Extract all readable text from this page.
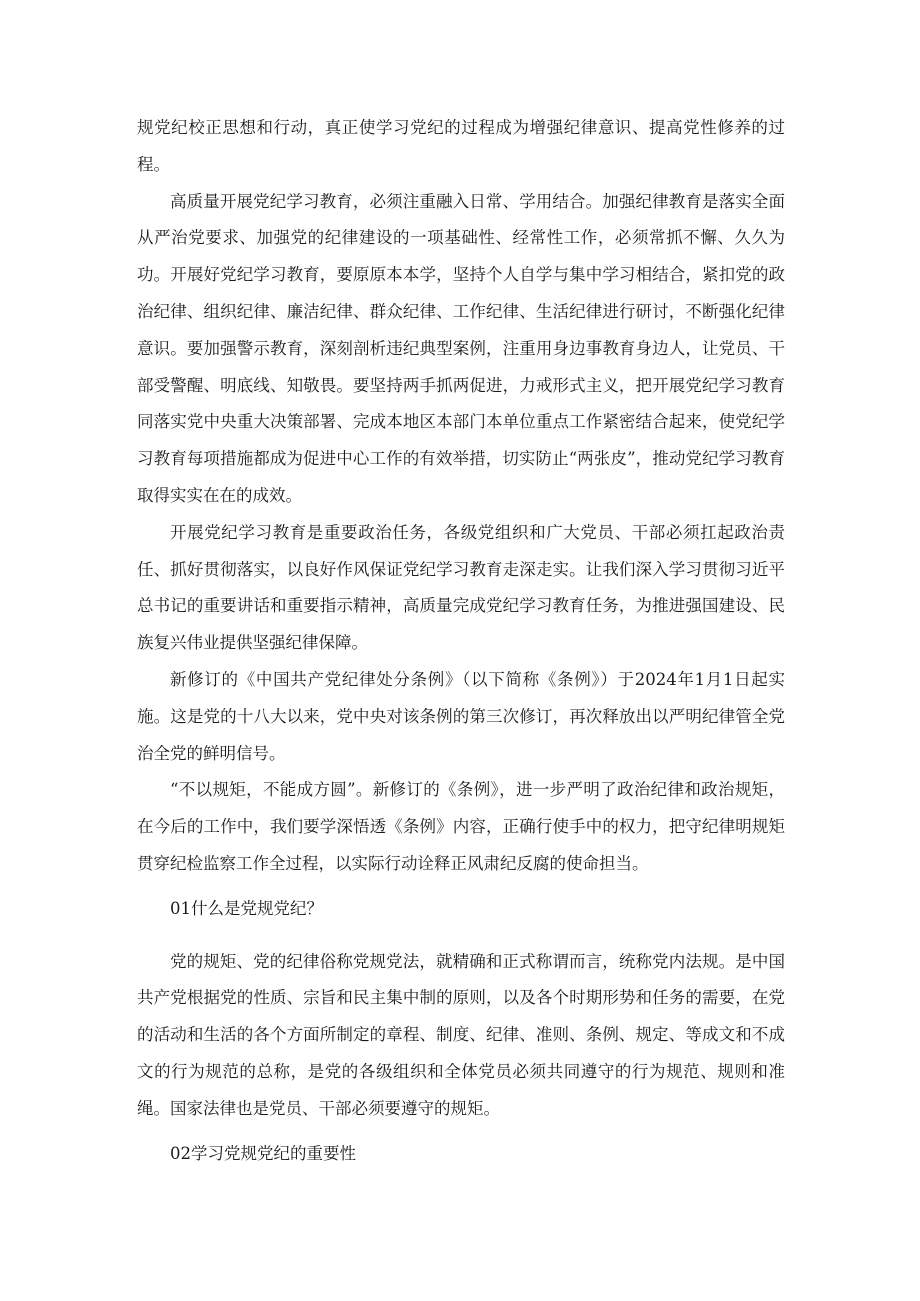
规党纪校正思想和行动，真正使学习党纪的过程成为增强纪律意识、提高党性修养的过程。

高质量开展党纪学习教育，必须注重融入日常、学用结合。加强纪律教育是落实全面从严治党要求、加强党的纪律建设的一项基础性、经常性工作，必须常抓不懈、久久为功。开展好党纪学习教育，要原原本本学，坚持个人自学与集中学习相结合，紧扣党的政治纪律、组织纪律、廉洁纪律、群众纪律、工作纪律、生活纪律进行研讨，不断强化纪律意识。要加强警示教育，深刻剖析违纪典型案例，注重用身边事教育身边人，让党员、干部受警醒、明底线、知敬畏。要坚持两手抓两促进，力戒形式主义，把开展党纪学习教育同落实党中央重大决策部署、完成本地区本部门本单位重点工作紧密结合起来，使党纪学习教育每项措施都成为促进中心工作的有效举措，切实防止“两张皮”，推动党纪学习教育取得实实在在的成效。

开展党纪学习教育是重要政治任务，各级党组织和广大党员、干部必须扛起政治责任、抓好贯彻落实，以良好作风保证党纪学习教育走深走实。让我们深入学习贯彻习近平总书记的重要讲话和重要指示精神，高质量完成党纪学习教育任务，为推进强国建设、民族复兴伟业提供坚强纪律保障。

新修订的《中国共产党纪律处分条例》（以下简称《条例》）于2024年1月1日起实施。这是党的十八大以来，党中央对该条例的第三次修订，再次释放出以严明纪律管全党治全党的鲜明信号。

“不以规矩，不能成方圆”。新修订的《条例》，进一步严明了政治纪律和政治规矩，在今后的工作中，我们要学深悟透《条例》内容，正确行使手中的权力，把守纪律明规矩贯穿纪检监察工作全过程，以实际行动诠释正风肃纪反腐的使命担当。

01什么是党规党纪？

党的规矩、党的纪律俗称党规党法，就精确和正式称谓而言，统称党内法规。是中国共产党根据党的性质、宗旨和民主集中制的原则，以及各个时期形势和任务的需要，在党的活动和生活的各个方面所制定的章程、制度、纪律、准则、条例、规定、等成文和不成文的行为规范的总称，是党的各级组织和全体党员必须共同遵守的行为规范、规则和准绳。国家法律也是党员、干部必须要遵守的规矩。

02学习党规党纪的重要性
